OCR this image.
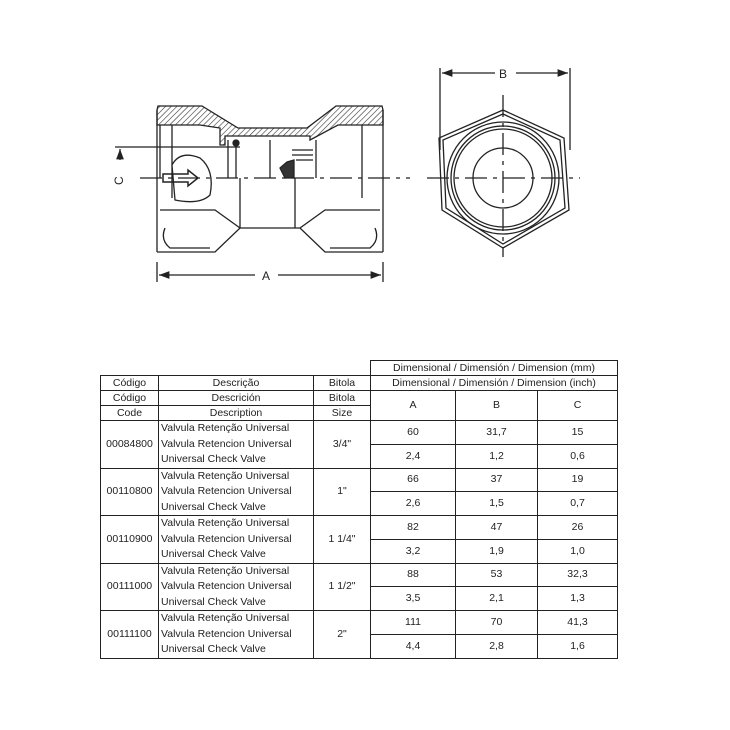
A
C
B
			Dimensional / Dimensión / Dimension (mm)		
Código	Descrição	Bitola	Dimensional / Dimensión / Dimension (inch)		
Código	Descrición	Bitola	A	B	C
Code	Description	Size			
00084800	Valvula Retenção Universal
Valvula Retencion Universal
Universal Check Valve	3/4"	60	31,7	15
			2,4	1,2	0,6
00110800	Valvula Retenção Universal
Valvula Retencion Universal
Universal Check Valve	1"	66	37	19
			2,6	1,5	0,7
00110900	Valvula Retenção Universal
Valvula Retencion Universal
Universal Check Valve	1 1/4"	82	47	26
			3,2	1,9	1,0
00111000	Valvula Retenção Universal
Valvula Retencion Universal
Universal Check Valve	1 1/2"	88	53	32,3
			3,5	2,1	1,3
00111100	Valvula Retenção Universal
Valvula Retencion Universal
Universal Check Valve	2"	111	70	41,3
			4,4	2,8	1,6
